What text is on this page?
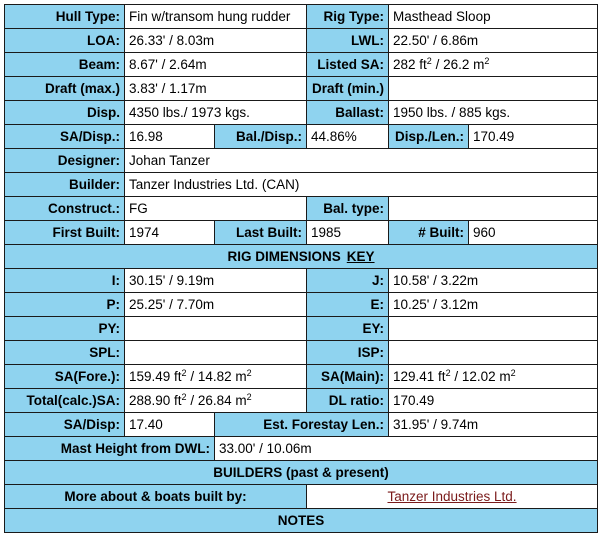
Hull Type:	Fin w/transom hung rudder		Rig Type:	Masthead Sloop	
LOA:	26.33' / 8.03m		LWL:	22.50' / 6.86m	
Beam:	8.67' / 2.64m		Listed SA:	282 $ft^2 / 26.2$ $m^2$
Draft (max.)	3.83' / 1.17m		Draft (min.)		
Disp.	4350 lbs./ 1973 kgs.		Ballast:	1950 lbs. / 885 kgs.	
SA/Disp.:	16.98	Bal./Disp.:	44.86%	Disp./Len.:	170.49
Designer:	Johan Tanzer				
Builder:	Tanzer Industries Ltd. (CAN)				
Construct.:	FG		Bal. type:		
First Built:	1974	Last Built:	1985	# Built:	960
RIG DIMENSIONS KEY					
I:	30.15' / 9.19m		J:	10.58' / 3.22m	
P:	25.25' / 7.70m		E:	10.25' / 3.12m	
PY:			EY:		
SPL:			ISP:		
SA(Fore.):	159.49 $ft^2 / 14.82$ $m^2$		SA(Main):	129.41 $ft^2 / 12.02$ $m^2$
Total(calc.)SA:	288.90 $ft^2 / 26.84$ $m^2$		DL ratio:	170.49	
SA/Disp:	17.40	Est. Forestay Len.:		31.95' / 9.74m	
Mast Height from DWL:		33.00' / 10.06m			
BUILDERS (past & present)					
More about & boats built by:			Tanzer Industries Ltd.		
NOTES					
